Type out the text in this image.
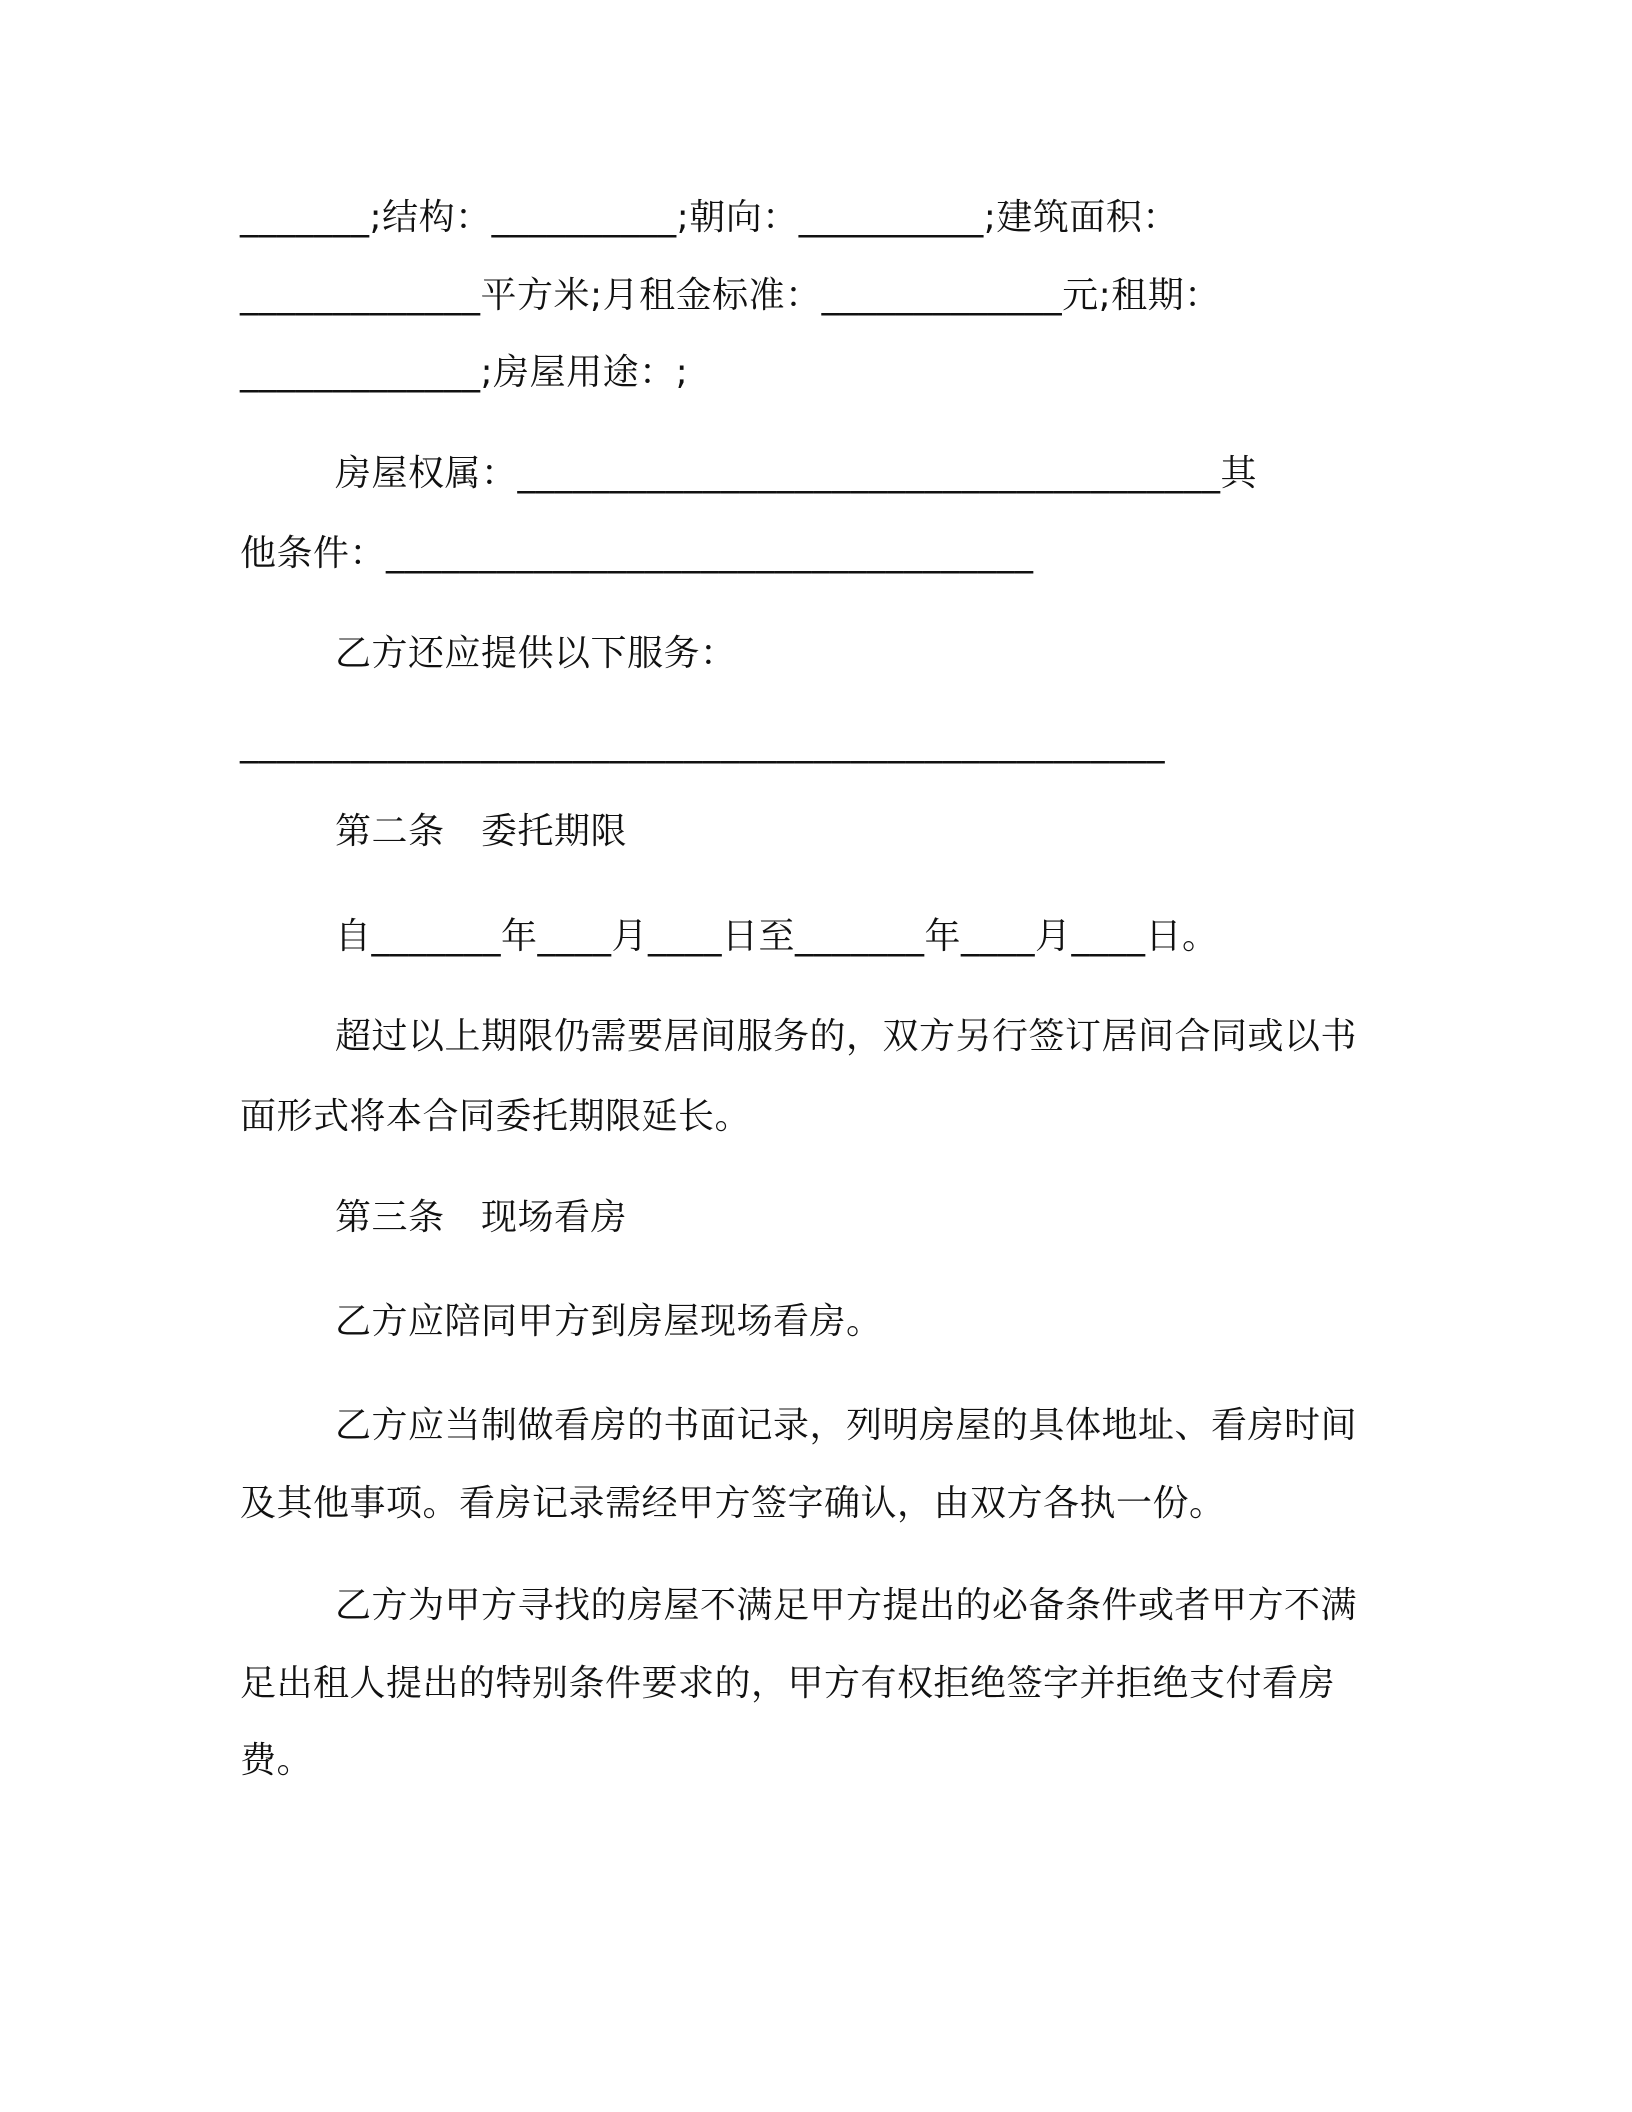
_______;结构：__________;朝向：__________;建筑面积：
_____________平方米;月租金标准：_____________元;租期：
_____________;房屋用途：;
房屋权属：______________________________________其
他条件：___________________________________
乙方还应提供以下服务：
__________________________________________________
第二条　委托期限
自_______年____月____日至_______年____月____日。
超过以上期限仍需要居间服务的，双方另行签订居间合同或以书
面形式将本合同委托期限延长。
第三条　现场看房
乙方应陪同甲方到房屋现场看房。
乙方应当制做看房的书面记录，列明房屋的具体地址、看房时间
及其他事项。看房记录需经甲方签字确认，由双方各执一份。
乙方为甲方寻找的房屋不满足甲方提出的必备条件或者甲方不满
足出租人提出的特别条件要求的，甲方有权拒绝签字并拒绝支付看房
费。
